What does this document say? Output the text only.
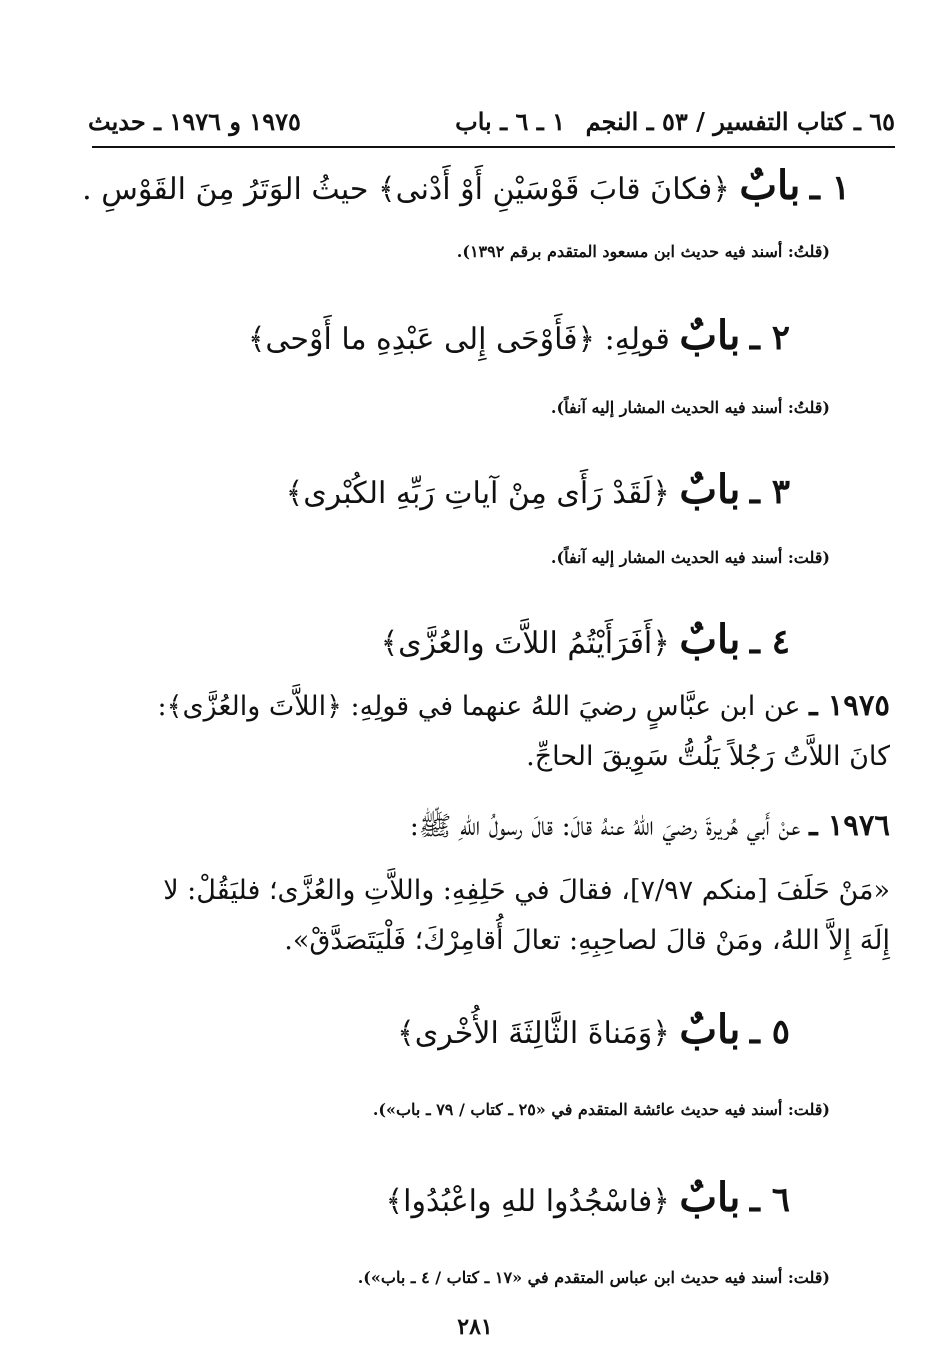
٦٥ ـ كتاب التفسير / ٥٣ ـ النجم
١ ـ ٦ ـ باب
١٩٧٥ و ١٩٧٦ ـ حديث
١ ـ بابٌ ﴿فكانَ قابَ قَوْسَيْنِ أَوْ أَدْنى﴾ حيثُ الوَتَرُ مِنَ القَوْسِ .
(قلتُ: أسند فيه حديث ابن مسعود المتقدم برقم ١٣٩٢).
٢ ـ بابٌ قولِهِ: ﴿فَأَوْحَى إِلى عَبْدِهِ ما أَوْحى﴾
(قلتُ: أسند فيه الحديث المشار إليه آنفاً).
٣ ـ بابٌ ﴿لَقَدْ رَأَى مِنْ آياتِ رَبِّهِ الكُبْرى﴾
(قلت: أسند فيه الحديث المشار إليه آنفاً).
٤ ـ بابٌ ﴿أَفَرَأَيْتُمُ اللاَّتَ والعُزَّى﴾
١٩٧٥ ـ عن ابن عبَّاسٍ رضيَ اللهُ عنهما في قولِهِ: ﴿اللاَّتَ والعُزَّى﴾:
كانَ اللاَّتُ رَجُلاً يَلُتُّ سَوِيقَ الحاجِّ.
١٩٧٦ ـ عنْ أَبي هُريرةَ رضيَ اللهُ عنهُ قالَ: قالَ رسولُ اللهِ ﷺ:
«مَنْ حَلَفَ [منكم ٧/٩٧]، فقالَ في حَلِفِهِ: واللاَّتِ والعُزَّى؛ فليَقُلْ: لا
إِلَهَ إِلاَّ اللهُ، ومَنْ قالَ لصاحِبِهِ: تعالَ أُقامِرْكَ؛ فَلْيَتَصَدَّقْ».
٥ ـ بابٌ ﴿وَمَناةَ الثَّالِثَةَ الأُخْرى﴾
(قلت: أسند فيه حديث عائشة المتقدم في «٢٥ ـ كتاب / ٧٩ ـ باب»).
٦ ـ بابٌ ﴿فاسْجُدُوا للهِ واعْبُدُوا﴾
(قلت: أسند فيه حديث ابن عباس المتقدم في «١٧ ـ كتاب / ٤ ـ باب»).
٢٨١
